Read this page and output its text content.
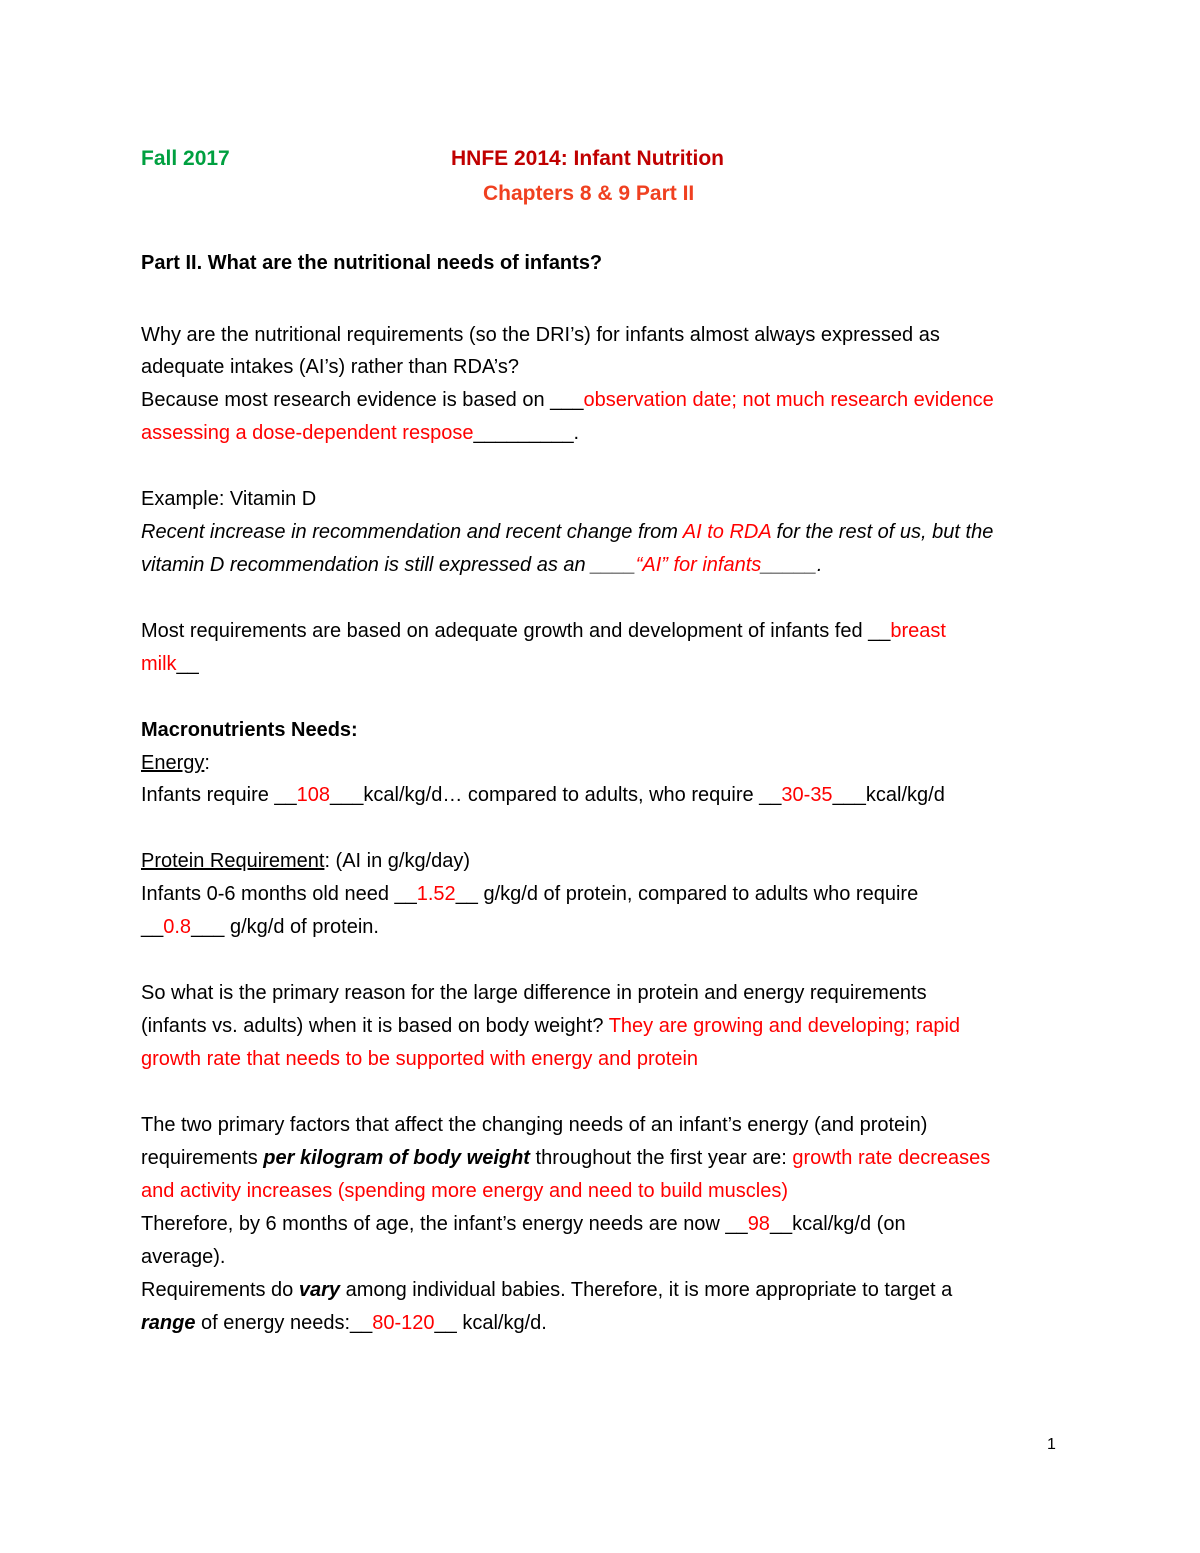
Fall 2017	HNFE 2014: Infant Nutrition
Chapters 8 & 9 Part II
Part II. What are the nutritional needs of infants?
Why are the nutritional requirements (so the DRI’s) for infants almost always expressed as
adequate intakes (AI’s) rather than RDA’s?
Because most research evidence is based on ___observation date; not much research evidence
assessing a dose-dependent respose_________.
Example: Vitamin D
Recent increase in recommendation and recent change from AI to RDA for the rest of us, but the
vitamin D recommendation is still expressed as an ____“AI” for infants_____.
Most requirements are based on adequate growth and development of infants fed __breast
milk__
Macronutrients Needs:
Energy:
Infants require __108___kcal/kg/d… compared to adults, who require __30-35___kcal/kg/d
Protein Requirement: (AI in g/kg/day)
Infants 0-6 months old need __1.52__ g/kg/d of protein, compared to adults who require
__0.8___ g/kg/d of protein.
So what is the primary reason for the large difference in protein and energy requirements
(infants vs. adults) when it is based on body weight? They are growing and developing; rapid
growth rate that needs to be supported with energy and protein
The two primary factors that affect the changing needs of an infant’s energy (and protein)
requirements per kilogram of body weight throughout the first year are: growth rate decreases
and activity increases (spending more energy and need to build muscles)
Therefore, by 6 months of age, the infant’s energy needs are now __98__kcal/kg/d (on
average).
Requirements do vary among individual babies. Therefore, it is more appropriate to target a
range of energy needs:__80-120__ kcal/kg/d.
1
